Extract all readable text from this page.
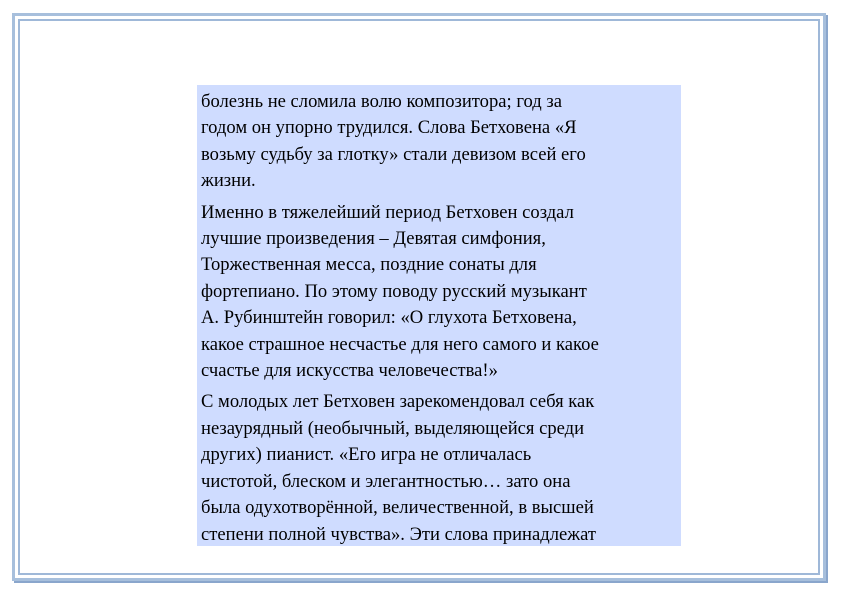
болезнь не сломила волю композитора; год за
годом он упорно трудился. Слова Бетховена «Я
возьму судьбу за глотку» стали девизом всей его
жизни.

Именно в тяжелейший период Бетховен создал
лучшие произведения – Девятая симфония,
Торжественная месса, поздние сонаты для
фортепиано. По этому поводу русский музыкант
А. Рубинштейн говорил: «О глухота Бетховена,
какое страшное несчастье для него самого и какое
счастье для искусства человечества!»

С молодых лет Бетховен зарекомендовал себя как
незаурядный (необычный, выделяющейся среди
других) пианист. «Его игра не отличалась
чистотой, блеском и элегантностью… зато она
была одухотворённой, величественной, в высшей
степени полной чувства». Эти слова принадлежат
